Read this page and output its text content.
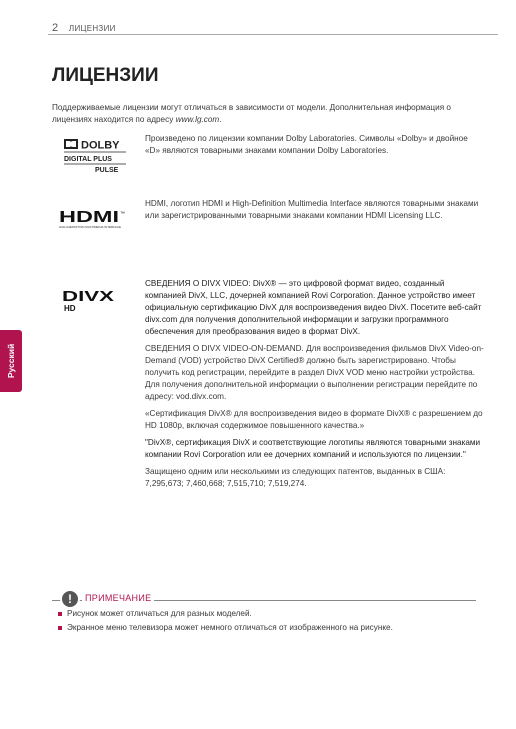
2 ЛИЦЕНЗИИ
ЛИЦЕНЗИИ
Поддерживаемые лицензии могут отличаться в зависимости от модели. Дополнительная информация о лицензиях находится по адресу www.lg.com.
DOLBY
DIGITAL PLUS
PULSE

Произведено по лицензии компании Dolby Laboratories. Символы «Dolby» и двойное «D» являются товарными знаками компании Dolby Laboratories.

HDMI ™
HIGH-DEFINITION MULTIMEDIA INTERFACE

HDMI, логотип HDMI и High-Definition Multimedia Interface являются товарными знаками или зарегистрированными товарными знаками компании HDMI Licensing LLC.

DIVX
HD

СВЕДЕНИЯ О DIVX VIDEO: DivX® — это цифровой формат видео, созданный компанией DivX, LLC, дочерней компанией Rovi Corporation. Данное устройство имеет официальную сертификацию DivX для воспроизведения видео DivX. Посетите веб-сайт divx.com для получения дополнительной информации и загрузки программного обеспечения для преобразования видео в формат DivX.

СВЕДЕНИЯ О DIVX VIDEO-ON-DEMAND. Для воспроизведения фильмов DivX Video-on-Demand (VOD) устройство DivX Certified® должно быть зарегистрировано. Чтобы получить код регистрации, перейдите в раздел DivX VOD меню настройки устройства. Для получения дополнительной информации о выполнении регистрации перейдите по адресу: vod.divx.com.

«Сертификация DivX® для воспроизведения видео в формате DivX® с разрешением до HD 1080p, включая содержимое повышенного качества.»

"DivX®, сертификация DivX и соответствующие логотипы являются товарными знаками компании Rovi Corporation или ее дочерних компаний и используются по лицензии."

Защищено одним или несколькими из следующих патентов, выданных в США: 7,295,673; 7,460,668; 7,515,710; 7,519,274.

Русский
!	ПРИМЕЧАНИЕ
Рисунок может отличаться для разных моделей.
Экранное меню телевизора может немного отличаться от изображенного на рисунке.
